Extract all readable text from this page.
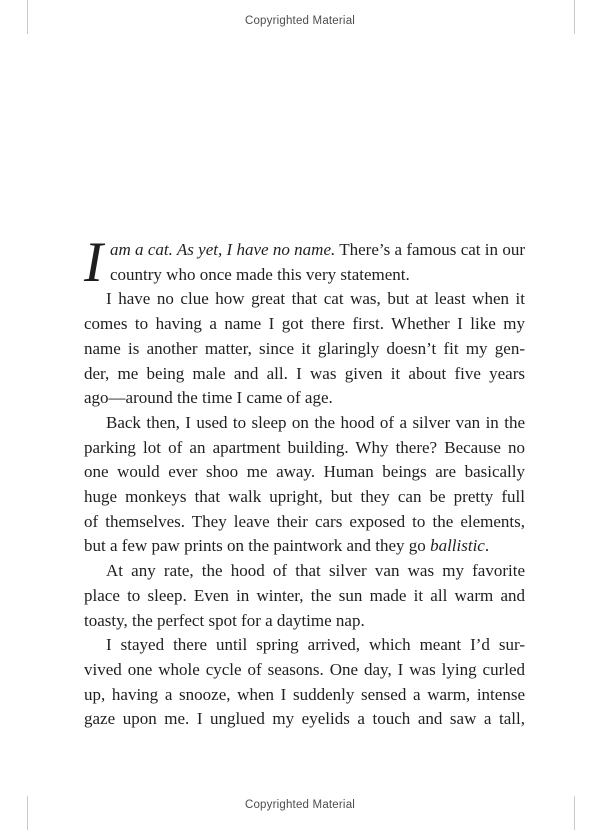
Copyrighted Material
I am a cat. As yet, I have no name. There’s a famous cat in our
country who once made this very statement.
I have no clue how great that cat was, but at least when it
comes to having a name I got there first. Whether I like my
name is another matter, since it glaringly doesn’t fit my gen-
der, me being male and all. I was given it about five years
ago—around the time I came of age.
Back then, I used to sleep on the hood of a silver van in the
parking lot of an apartment building. Why there? Because no
one would ever shoo me away. Human beings are basically
huge monkeys that walk upright, but they can be pretty full
of themselves. They leave their cars exposed to the elements,
but a few paw prints on the paintwork and they go ballistic.
At any rate, the hood of that silver van was my favorite
place to sleep. Even in winter, the sun made it all warm and
toasty, the perfect spot for a daytime nap.
I stayed there until spring arrived, which meant I’d sur-
vived one whole cycle of seasons. One day, I was lying curled
up, having a snooze, when I suddenly sensed a warm, intense
gaze upon me. I unglued my eyelids a touch and saw a tall,
Copyrighted Material
